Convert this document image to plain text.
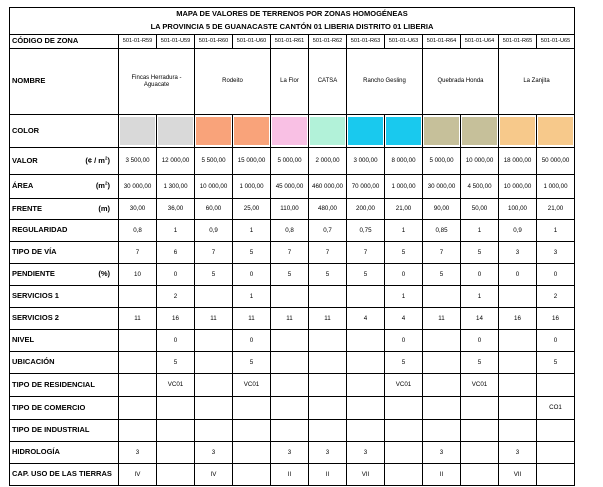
MAPA DE VALORES DE TERRENOS POR ZONAS HOMOGÉNEAS												
LA PROVINCIA 5 DE GUANACASTE CANTÓN 01 LIBERIA DISTRITO 01 LIBERIA												
CÓDIGO DE ZONA	501-01-R59	501-01-U59	501-01-R60	501-01-U60	501-01-R61	501-01-R62	501-01-R63	501-01-U63	501-01-R64	501-01-U64	501-01-R65	501-01-U65
NOMBRE	Fincas Herradura - Aguacate		Rodeito		La Flor	CATSA	Rancho Gesling		Quebrada Honda		La Zanjita	
COLOR	

VALOR (¢ / $m^2$)	3 500,00	12 000,00	5 500,00	15 000,00	5 000,00	2 000,00	3 000,00	8 000,00	5 000,00	10 000,00	18 000,00	50 000,00
ÁREA $(m^2)$	30 000,00	1 300,00	10 000,00	1 000,00	45 000,00	460 000,00	70 000,00	1 000,00	30 000,00	4 500,00	10 000,00	1 000,00
FRENTE (m)	30,00	36,00	60,00	25,00	110,00	480,00	200,00	21,00	90,00	50,00	100,00	21,00
REGULARIDAD	0,8	1	0,9	1	0,8	0,7	0,75	1	0,85	1	0,9	1
TIPO DE VÍA	7	6	7	5	7	7	7	5	7	5	3	3
PENDIENTE (%)	10	0	5	0	5	5	5	0	5	0	0	0
SERVICIOS 1		2		1				1		1		2
SERVICIOS 2	11	16	11	11	11	11	4	4	11	14	16	16
NIVEL		0		0				0		0		0
UBICACIÓN		5		5				5		5		5
TIPO DE RESIDENCIAL		VC01		VC01				VC01		VC01		
TIPO DE COMERCIO												CO1
TIPO DE INDUSTRIAL												
HIDROLOGÍA	3		3		3	3	3		3		3	
CAP. USO DE LAS TIERRAS	IV		IV		II	II	VII		II		VII	
